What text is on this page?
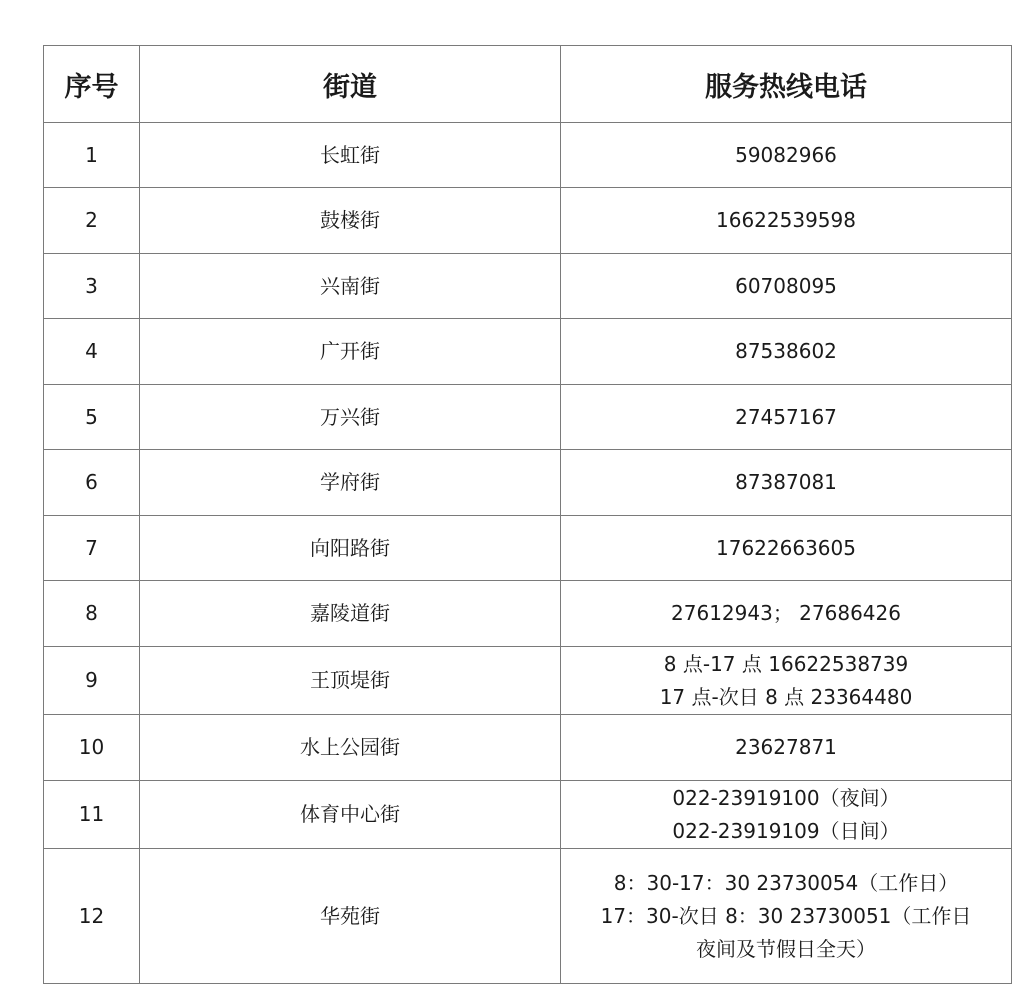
序号	街道	服务热线电话
1	长虹街	59082966

2	鼓楼街	16622539598

3	兴南街	60708095

4	广开街	87538602

5	万兴街	27457167

6	学府街	87387081

7	向阳路街	17622663605

8	嘉陵道街	27612943； 27686426

9	王顶堤街	8 点-17 点 16622538739
17 点-次日 8 点 23364480

10	水上公园街	23627871

11	体育中心街	022-23919100（夜间）
022-23919109（日间）

12	华苑街	8：30-17：30 23730054（工作日）
17：30-次日 8：30 23730051（工作日
夜间及节假日全天）
